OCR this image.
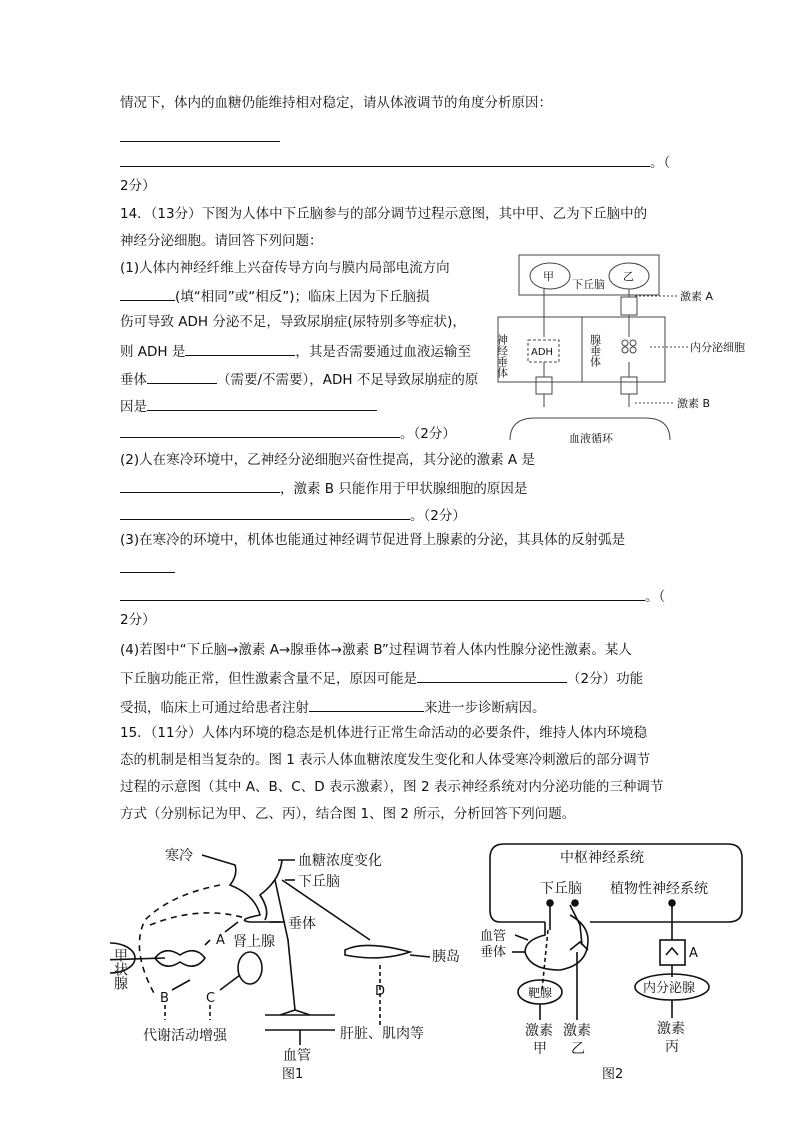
情况下，体内的血糖仍能维持相对稳定，请从体液调节的角度分析原因：
。（
2分）
14．（13分）下图为人体中下丘脑参与的部分调节过程示意图，其中甲、乙为下丘脑中的
神经分泌细胞。请回答下列问题：
(1)人体内神经纤维上兴奋传导方向与膜内局部电流方向
(填“相同”或“相反”)；临床上因为下丘脑损
伤可导致 ADH 分泌不足，导致尿崩症(尿特别多等症状)，
则 ADH 是	，其是否需要通过血液运输至
垂体	（需要/不需要），ADH 不足导致尿崩症的原
因是
。（2分）
甲	乙
下丘脑
激素 A
ADH	内分泌细胞
激素 B
血液循环
神经垂体	腺垂体
(2)人在寒冷环境中，乙神经分泌细胞兴奋性提高，其分泌的激素 A 是
，激素 B 只能作用于甲状腺细胞的原因是
。（2分）
(3)在寒冷的环境中，机体也能通过神经调节促进肾上腺素的分泌，其具体的反射弧是
。（
2分）
(4)若图中“下丘脑→激素 A→腺垂体→激素 B”过程调节着人体内性腺分泌性激素。某人
下丘脑功能正常，但性激素含量不足，原因可能是	（2分）功能
受损，临床上可通过给患者注射	来进一步诊断病因。
15．（11分）人体内环境的稳态是机体进行正常生命活动的必要条件，维持人体内环境稳
态的机制是相当复杂的。图 1 表示人体血糖浓度发生变化和人体受寒冷刺激后的部分调节
过程的示意图（其中 A、B、C、D 表示激素），图 2 表示神经系统对内分泌功能的三种调节
方式（分别标记为甲、乙、丙），结合图 1、图 2 所示，分析回答下列问题。
寒冷	血糖浓度变化
下丘脑
垂体
A 肾上腺
甲状腺	胰岛
B	C	D
代谢活动增强	肝脏、肌肉等
血管
图1
中枢神经系统
下丘脑 植物性神经系统
血管
垂体	A
靶腺	内分泌腺
激素
甲
激素
乙
激素
丙
图2
